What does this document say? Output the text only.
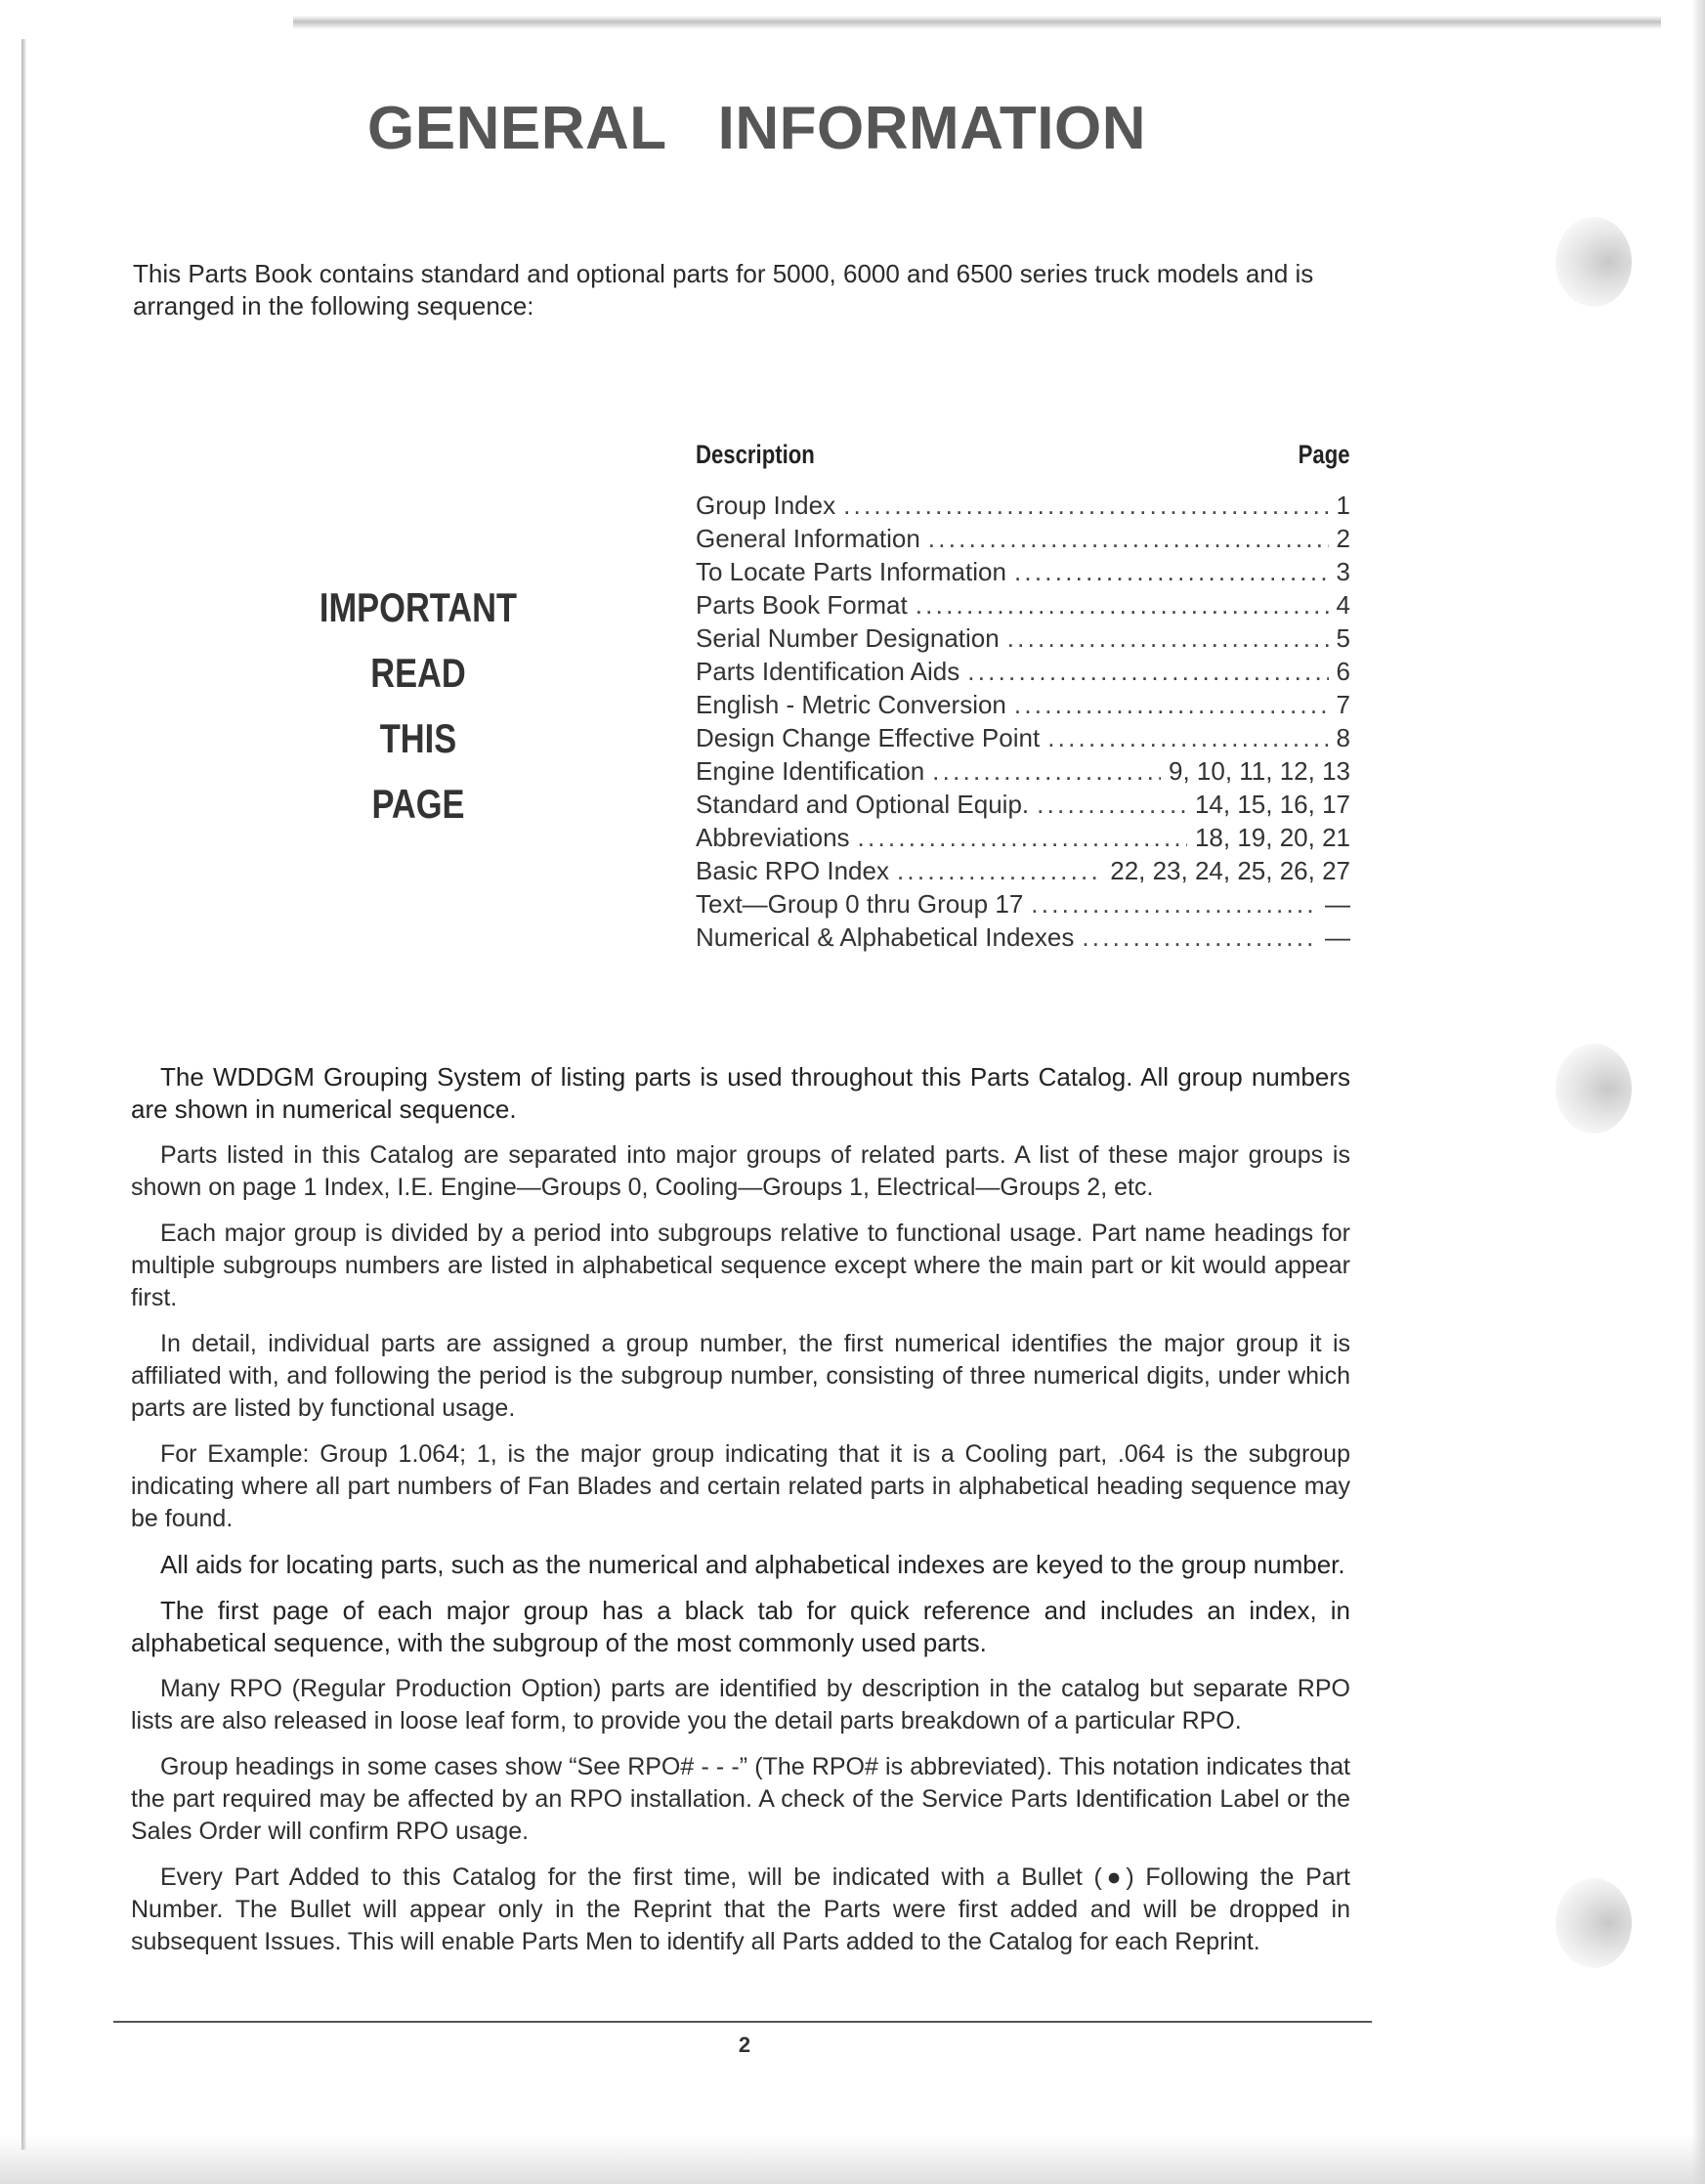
GENERAL   INFORMATION

This Parts Book contains standard and optional parts for 5000, 6000 and 6500 series truck models and is arranged in the following sequence:

IMPORTANT
READ
THIS
PAGE
Description	Page
Group Index . . .	1
General Information . . .	2
To Locate Parts Information . . .	3
Parts Book Format . . .	4
Serial Number Designation . . .	5
Parts Identification Aids . . .	6
English - Metric Conversion . . .	7
Design Change Effective Point . . .	8
Engine Identification . . .	9, 10, 11, 12, 13
Standard and Optional Equip. . . .	14, 15, 16, 17
Abbreviations . . .	18, 19, 20, 21
Basic RPO Index . . .	22, 23, 24, 25, 26, 27
Text—Group 0 thru Group 17 . . .	—
Numerical & Alphabetical Indexes . . .	—

The WDDGM Grouping System of listing parts is used throughout this Parts Catalog. All group numbers are shown in numerical sequence.

Parts listed in this Catalog are separated into major groups of related parts. A list of these major groups is shown on page 1 Index, I.E. Engine—Groups 0, Cooling—Groups 1, Electrical—Groups 2, etc.

Each major group is divided by a period into subgroups relative to functional usage. Part name headings for multiple subgroups numbers are listed in alphabetical sequence except where the main part or kit would appear first.

In detail, individual parts are assigned a group number, the first numerical identifies the major group it is affiliated with, and following the period is the subgroup number, consisting of three numerical digits, under which parts are listed by functional usage.

For Example: Group 1.064; 1, is the major group indicating that it is a Cooling part, .064 is the subgroup indicating where all part numbers of Fan Blades and certain related parts in alphabetical heading sequence may be found.

All aids for locating parts, such as the numerical and alphabetical indexes are keyed to the group number.

The first page of each major group has a black tab for quick reference and includes an index, in alphabetical sequence, with the subgroup of the most commonly used parts.

Many RPO (Regular Production Option) parts are identified by description in the catalog but separate RPO lists are also released in loose leaf form, to provide you the detail parts breakdown of a particular RPO.

Group headings in some cases show “See RPO# - - -” (The RPO# is abbreviated). This notation indicates that the part required may be affected by an RPO installation. A check of the Service Parts Identification Label or the Sales Order will confirm RPO usage.

Every Part Added to this Catalog for the first time, will be indicated with a Bullet (●) Following the Part Number. The Bullet will appear only in the Reprint that the Parts were first added and will be dropped in subsequent Issues. This will enable Parts Men to identify all Parts added to the Catalog for each Reprint.

2
